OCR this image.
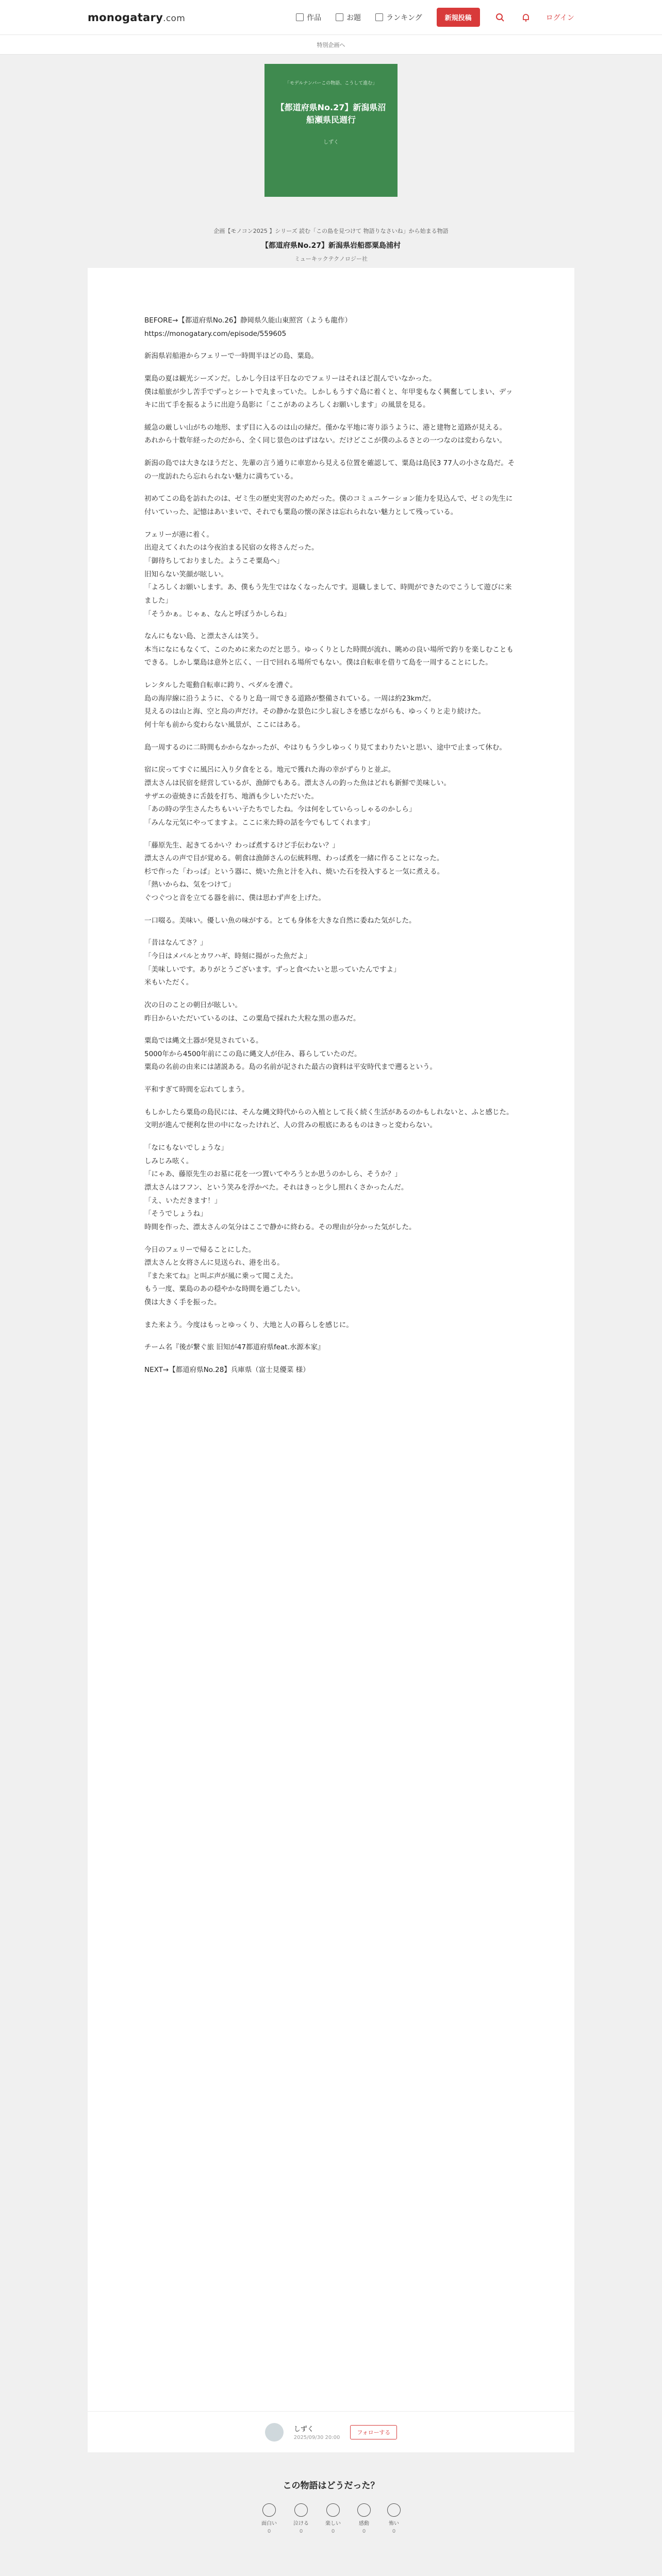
monogatary.com	作品	お題	ランキング	新規投稿	ログイン
特別企画へ
「モデルナンバーこの物語、こうして進む」
【都道府県No.27】新潟県沼
船瀬県民週行
しずく
企画【モノコン2025 】シリーズ 読む「この島を見つけて 物語りなさいね」から始まる物語
【都道府県No.27】新潟県岩船郡粟島浦村
ミューキックテクノロジー社

BEFORE→【都道府県No.26】静岡県久能山東照宮（ようも龍作）
https://monogatary.com/episode/559605

新潟県岩船港からフェリーで一時間半ほどの島、粟島。

粟島の夏は観光シーズンだ。しかし今日は平日なのでフェリーはそれほど混んでいなかった。
僕は船旅が少し苦手でずっとシートで丸まっていた。しかしもうすぐ島に着くと、年甲斐もなく興奮してしまい、デッキに出て手を振るように出迎う島影に「ここがあのよろしくお願いします」の風景を見る。

緩急の厳しい山がちの地形、まず目に入るのは山の緑だ。僅かな平地に寄り添うように、港と建物と道路が見える。
あれから十数年経ったのだから、全く同じ景色のはずはない。だけどここが僕のふるさとの一つなのは変わらない。

新潟の島では大きなほうだと、先輩の言う通りに車窓から見える位置を確認して、粟島は島民3 77人の小さな島だ。その一度訪れたら忘れられない魅力に満ちている。

初めてこの島を訪れたのは、ゼミ生の歴史実習のためだった。僕のコミュニケーション能力を見込んで、ゼミの先生に付いていった、記憶はあいまいで、それでも粟島の懐の深さは忘れられない魅力として残っている。

フェリーが港に着く。
出迎えてくれたのは今夜泊まる民宿の女将さんだった。
「御待ちしておりました。ようこそ粟島へ」
旧知らない笑顔が眩しい。
「よろしくお願いします。あ、僕もう先生ではなくなったんです。退職しまして、時間ができたのでこうして遊びに来ました」
「そうかぁ。じゃぁ、なんと呼ぼうかしらね」

なんにもない島、と漂太さんは笑う。
本当になにもなくて、このために来たのだと思う。ゆっくりとした時間が流れ、眺めの良い場所で釣りを楽しむこともできる。しかし粟島は意外と広く、一日で回れる場所でもない。僕は自転車を借りて島を一周することにした。

レンタルした電動自転車に跨り、ペダルを漕ぐ。
島の海岸線に沿うように、ぐるりと島一周できる道路が整備されている。一周は約23kmだ。
見えるのは山と海、空と鳥の声だけ。その静かな景色に少し寂しさを感じながらも、ゆっくりと走り続けた。
何十年も前から変わらない風景が、ここにはある。

島一周するのに二時間もかからなかったが、やはりもう少しゆっくり見てまわりたいと思い、途中で止まって休む。

宿に戻ってすぐに風呂に入り夕食をとる。地元で獲れた海の幸がずらりと並ぶ。
漂太さんは民宿を経営しているが、漁師でもある。漂太さんの釣った魚はどれも新鮮で美味しい。
サザエの壺焼きに舌鼓を打ち、地酒も少しいただいた。
「あの時の学生さんたちもいい子たちでしたね。今は何をしていらっしゃるのかしら」
「みんな元気にやってますよ。ここに来た時の話を今でもしてくれます」

「藤原先生、起きてるかい？わっぱ煮するけど手伝わない？」
漂太さんの声で目が覚める。朝食は漁師さんの伝統料理、わっぱ煮を一緒に作ることになった。
杉で作った「わっぱ」という器に、焼いた魚と汁を入れ、焼いた石を投入すると一気に煮える。
「熱いからね、気をつけて」
ぐつぐつと音を立てる器を前に、僕は思わず声を上げた。

一口啜る。美味い。優しい魚の味がする。とても身体を大きな自然に委ねた気がした。

「昔はなんてさ？」
「今日はメバルとカワハギ、時刻に揚がった魚だよ」
「美味しいです。ありがとうございます。ずっと食べたいと思っていたんですよ」
米もいただく。

次の日のことの朝日が眩しい。
昨日からいただいているのは、この粟島で採れた大粒な黒の恵みだ。

粟島では縄文土器が発見されている。
5000年から4500年前にこの島に縄文人が住み、暮らしていたのだ。
粟島の名前の由来には諸説ある。島の名前が記された最古の資料は平安時代まで遡るという。

平和すぎて時間を忘れてしまう。

もしかしたら粟島の島民には、そんな縄文時代からの入植として長く続く生活があるのかもしれないと、ふと感じた。
文明が進んで便利な世の中になったけれど、人の営みの根底にあるものはきっと変わらない。

「なにもないでしょうな」
しみじみ呟く。
「にゃあ、藤原先生のお墓に花を一つ置いてやろうとか思うのかしら、そうか？」
漂太さんはフフン、という笑みを浮かべた。それはきっと少し照れくさかったんだ。
「え、いただきます！」
「そうでしょうね」
時間を作った、漂太さんの気分はここで静かに終わる。その理由が分かった気がした。

今日のフェリーで帰ることにした。
漂太さんと女将さんに見送られ、港を出る。
『また来てね』と叫ぶ声が風に乗って聞こえた。
もう一度、粟島のあの穏やかな時間を過ごしたい。
僕は大きく手を振った。

また来よう。今度はもっとゆっくり、大地と人の暮らしを感じに。

チーム名『後が繋ぐ旅 旧知が47都道府県feat.水源本家』

NEXT→【都道府県No.28】兵庫県（富士見優菜 様）

しずく
2025/09/30 20:00
フォローする
この物語はどうだった？
面白い
0
泣ける
0
楽しい
0
感動
0
怖い
0
